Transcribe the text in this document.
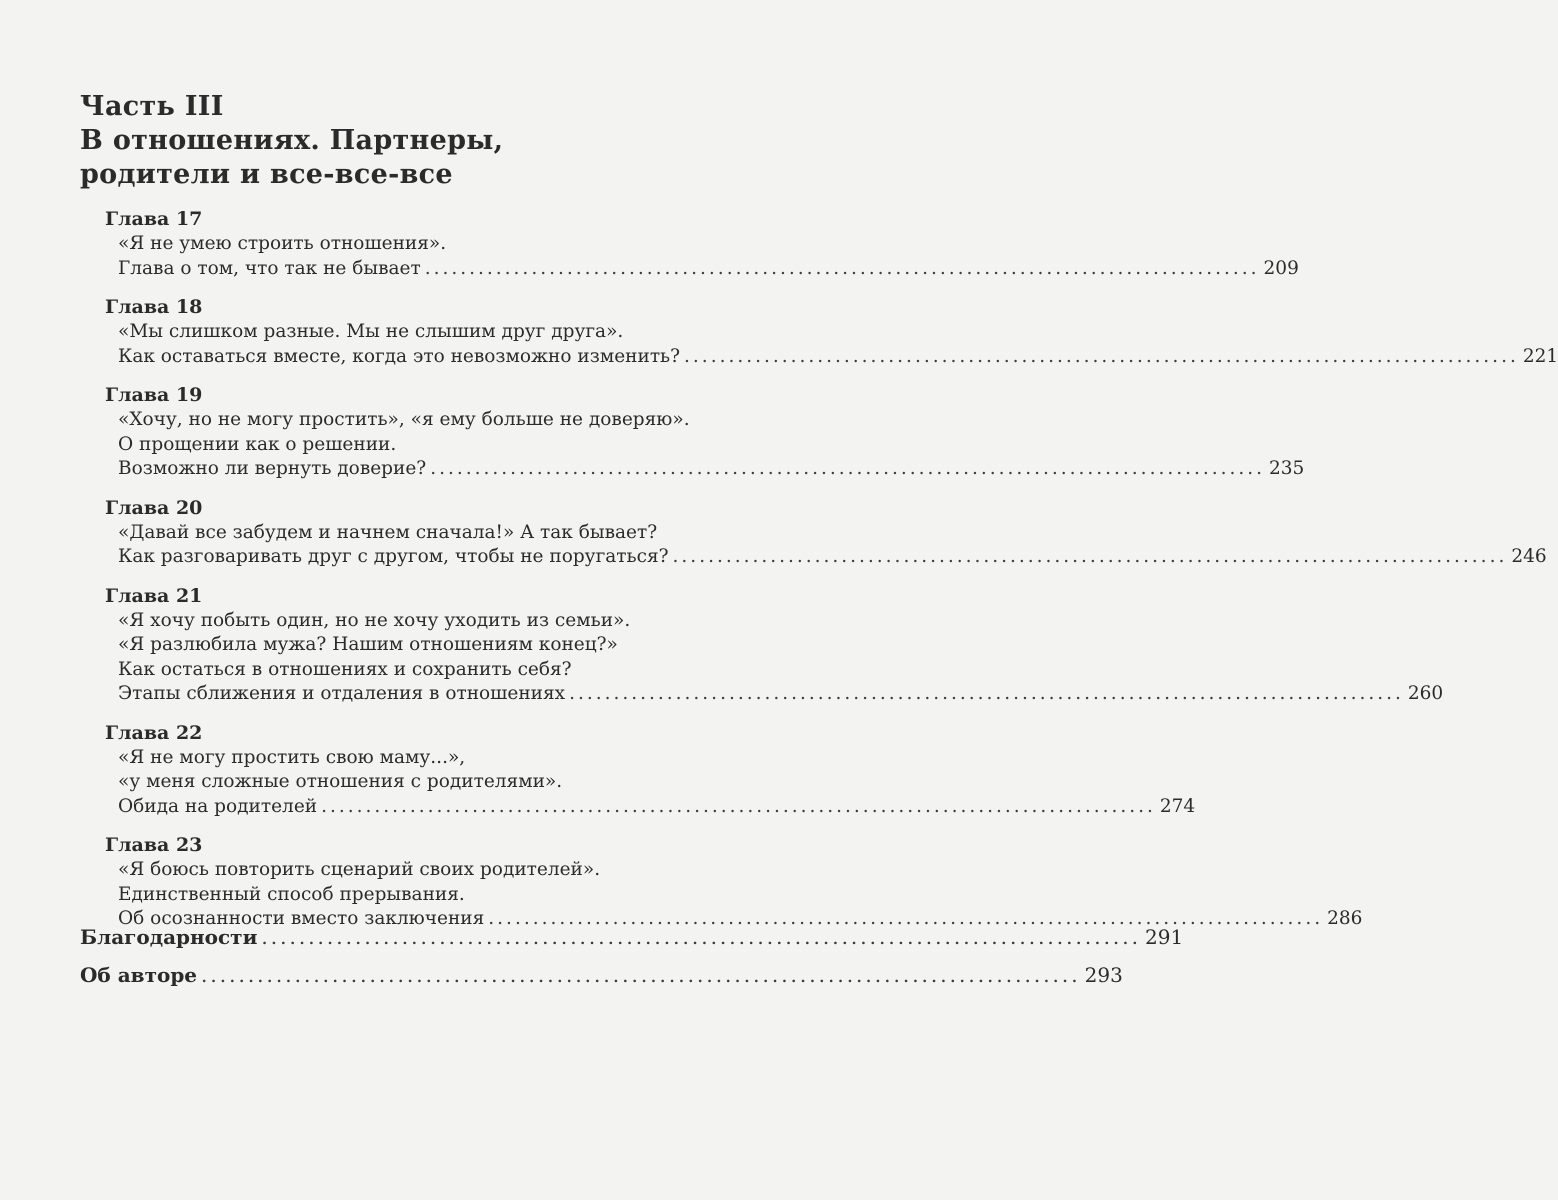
Часть III
В отношениях. Партнеры,
родители и все-все-все
Глава 17
«Я не умею строить отношения».
Глава о том, что так не бывает .............................................................................................. 209
Глава 18
«Мы слишком разные. Мы не слышим друг друга».
Как оставаться вместе, когда это невозможно изменить? .............................................................................................. 221
Глава 19
«Хочу, но не могу простить», «я ему больше не доверяю».
О прощении как о решении.
Возможно ли вернуть доверие? .............................................................................................. 235
Глава 20
«Давай все забудем и начнем сначала!» А так бывает?
Как разговаривать друг с другом, чтобы не поругаться? .............................................................................................. 246
Глава 21
«Я хочу побыть один, но не хочу уходить из семьи».
«Я разлюбила мужа? Нашим отношениям конец?»
Как остаться в отношениях и сохранить себя?
Этапы сближения и отдаления в отношениях .............................................................................................. 260
Глава 22
«Я не могу простить свою маму...»,
«у меня сложные отношения с родителями».
Обида на родителей .............................................................................................. 274
Глава 23
«Я боюсь повторить сценарий своих родителей».
Единственный способ прерывания.
Об осознанности вместо заключения .............................................................................................. 286
Благодарности .............................................................................................. 291
Об авторе .............................................................................................. 293
